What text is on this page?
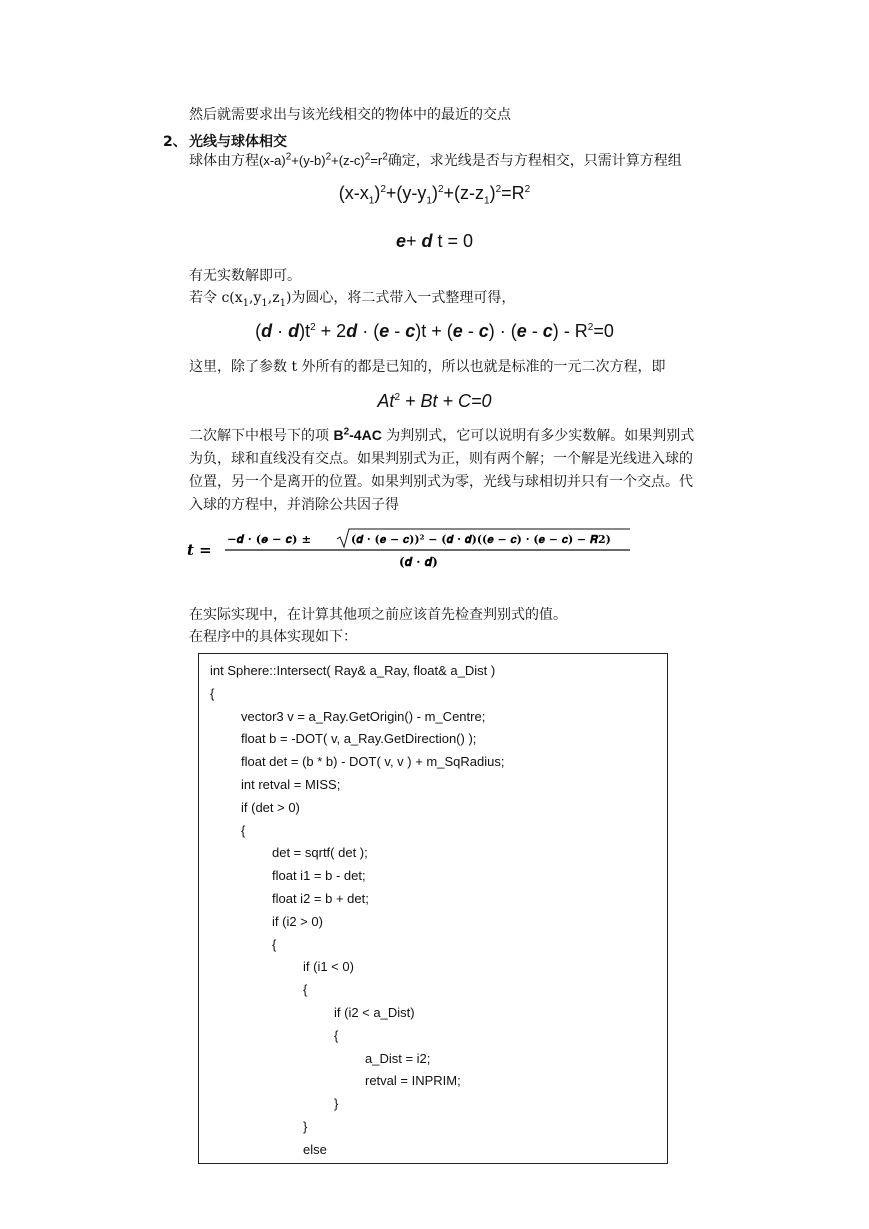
然后就需要求出与该光线相交的物体中的最近的交点
2、 光线与球体相交
球体由方程$(x-a)^2+(y-b)^2+(z-c)^2=r^2$确定，求光线是否与方程相交，只需计算方程组
$(x-x_1)^2+(y-y_1)^2+(z-z_1)^2=R^2$
e+ d t = 0
有无实数解即可。
若令 $c(x_1,y_1,z_1)$为圆心，将二式带入一式整理可得，
$(d \cdot d)t^2 + 2d \cdot (e - c)t + (e - c) \cdot (e - c) - R^2=0$
这里，除了参数 t 外所有的都是已知的，所以也就是标准的一元二次方程，即
$At^2 + Bt + C=0$
二次解下中根号下的项 $B^2-4AC$ 为判别式，它可以说明有多少实数解。如果判别式
为负，球和直线没有交点。如果判别式为正，则有两个解；一个解是光线进入球的
位置，另一个是离开的位置。如果判别式为零，光线与球相切并只有一个交点。代
入球的方程中，并消除公共因子得
t =
−𝒅 · (𝒆 − 𝒄) ±	(𝒅 · (𝒆 − 𝒄))² − (𝒅 · 𝒅)((𝒆 − 𝒄) · (𝒆 − 𝒄) − 𝑹𝟐)
(𝒅 · 𝒅)
在实际实现中，在计算其他项之前应该首先检查判别式的值。
在程序中的具体实现如下：
int Sphere::Intersect( Ray& a_Ray, float& a_Dist )
{
vector3 v = a_Ray.GetOrigin() - m_Centre;
float b = -DOT( v, a_Ray.GetDirection() );
float det = (b * b) - DOT( v, v ) + m_SqRadius;
int retval = MISS;
if (det > 0)
{
det = sqrtf( det );
float i1 = b - det;
float i2 = b + det;
if (i2 > 0)
{
if (i1 < 0)
{
if (i2 < a_Dist)
{
a_Dist = i2;
retval = INPRIM;
}
}
else
